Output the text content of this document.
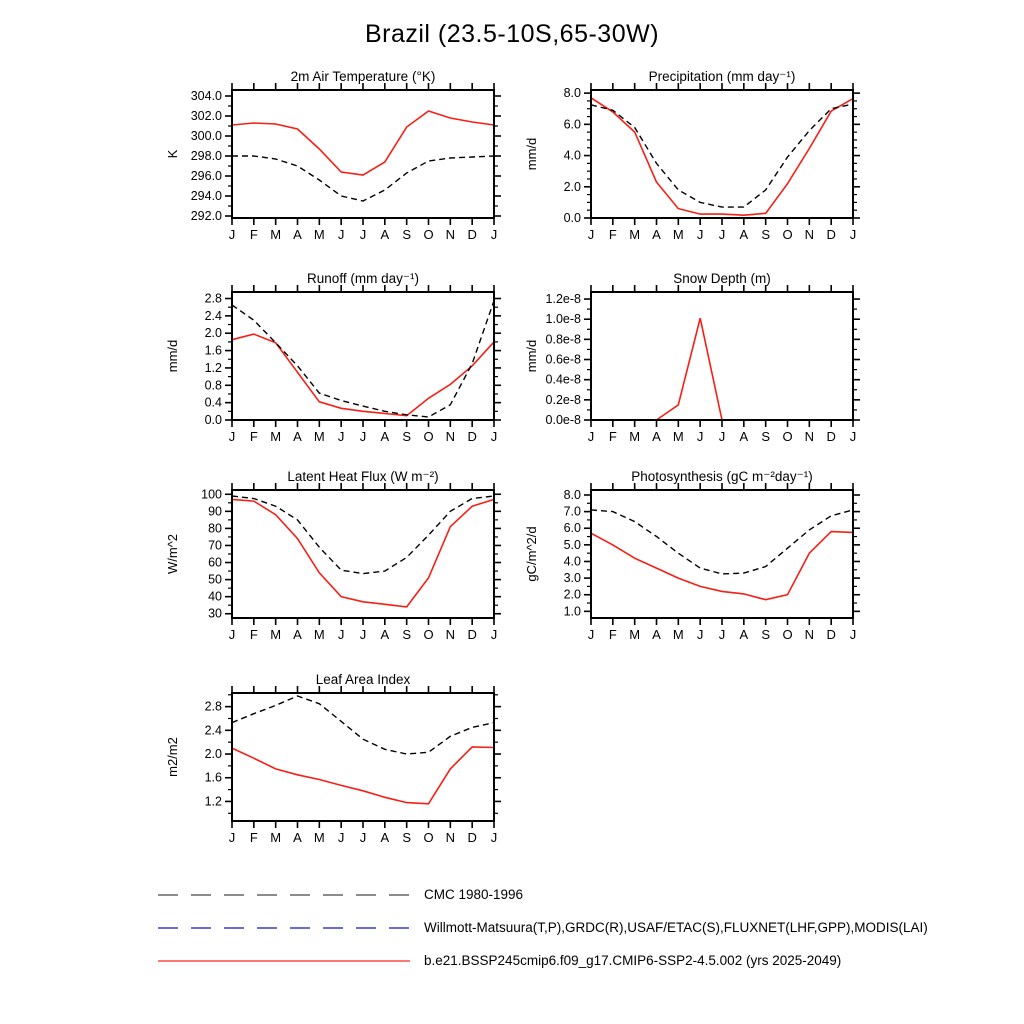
Brazil (23.5-10S,65-30W)
2m Air Temperature (°K)
K
J F M A M J J A S O N D J
292.0
294.0
296.0
298.0
300.0
302.0
304.0
Precipitation (mm day⁻¹)
mm/d
J F M A M J J A S O N D J
0.0
2.0
4.0
6.0
8.0
Runoff (mm day⁻¹)
mm/d
J F M A M J J A S O N D J
0.0
0.4
0.8
1.2
1.6
2.0
2.4
2.8
Snow Depth (m)
mm/d
J F M A M J J A S O N D J
0.0e-8
0.2e-8
0.4e-8
0.6e-8
0.8e-8
1.0e-8
1.2e-8
Latent Heat Flux (W m⁻²)
W/m^2
J F M A M J J A S O N D J
30
40
50
60
70
80
90
100
Photosynthesis (gC m⁻²day⁻¹)
gC/m^2/d
J F M A M J J A S O N D J
1.0
2.0
3.0
4.0
5.0
6.0
7.0
8.0
Leaf Area Index
m2/m2
J F M A M J J A S O N D J
1.2
1.6
2.0
2.4
2.8
CMC 1980-1996
Willmott-Matsuura(T,P),GRDC(R),USAF/ETAC(S),FLUXNET(LHF,GPP),MODIS(LAI)
b.e21.BSSP245cmip6.f09_g17.CMIP6-SSP2-4.5.002 (yrs 2025-2049)
